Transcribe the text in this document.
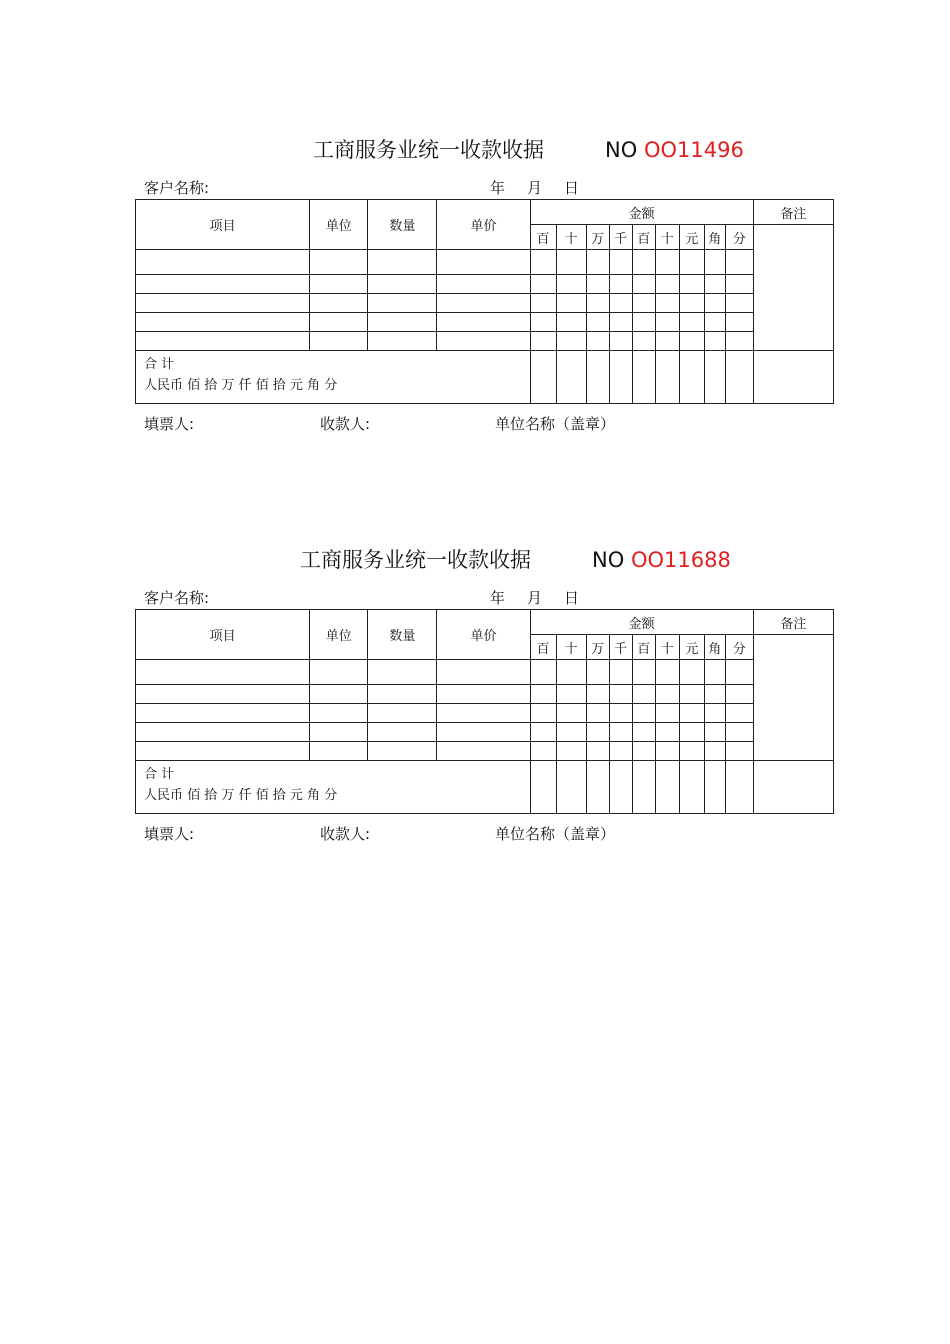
工商服务业统一收款收据	NO OO11496
客户名称:	年 月 日
项目	单位	数量	单价	金额									备注
				百	十	万	千	百	十	元	角	分	

合 计
人民币 佰 拾 万 仟 佰 拾 元 角 分													

填票人:	收款人:	单位名称（盖章）
工商服务业统一收款收据	NO OO11688
客户名称:	年 月 日
项目	单位	数量	单价	金额									备注
				百	十	万	千	百	十	元	角	分	

合 计
人民币 佰 拾 万 仟 佰 拾 元 角 分													

填票人:	收款人:	单位名称（盖章）
